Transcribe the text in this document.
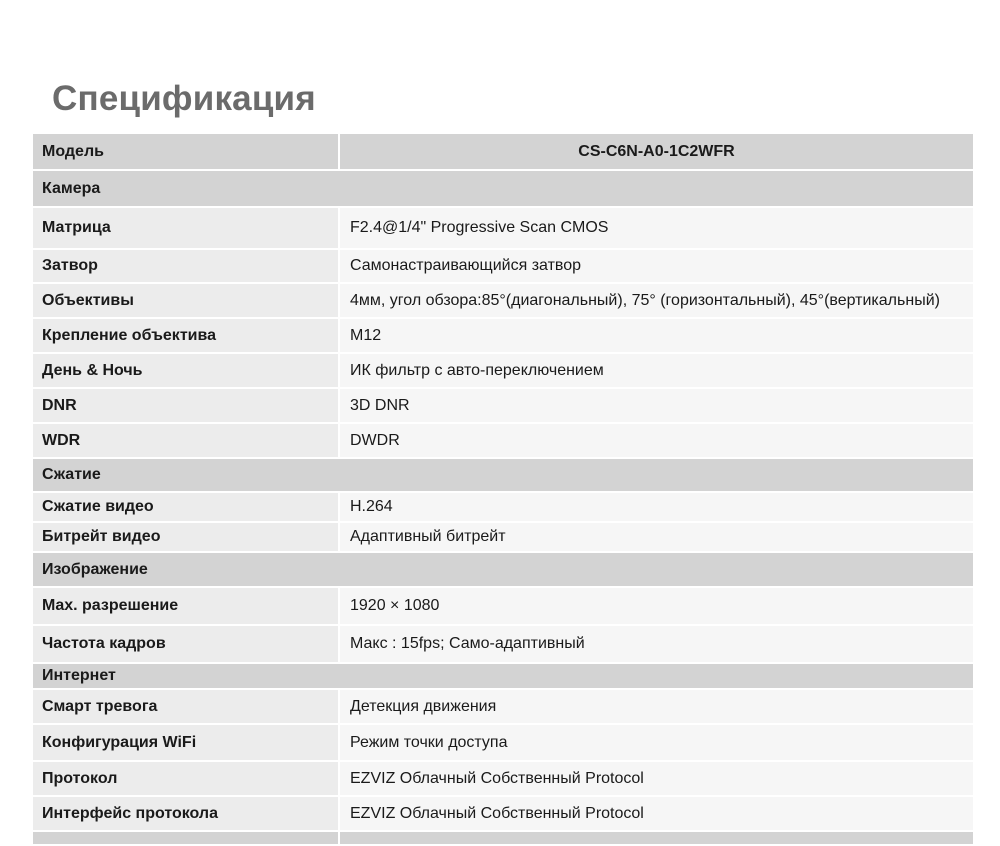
Спецификация
Модель	CS-C6N-A0-1C2WFR
Камера
Матрица	F2.4@1/4" Progressive Scan CMOS
Затвор	Самонастраивающийся затвор
Объективы	4мм, угол обзора:85°(диагональный), 75° (горизонтальный), 45°(вертикальный)
Крепление объектива	M12
День & Ночь	ИК фильтр с авто-переключением
DNR	3D DNR
WDR	DWDR
Сжатие
Сжатие видео	H.264
Битрейт видео	Адаптивный битрейт
Изображение
Max. разрешение	1920 × 1080
Частота кадров	Макс : 15fps; Само-адаптивный
Интернет
Смарт тревога	Детекция движения
Конфигурация WiFi	Режим точки доступа
Протокол	EZVIZ Облачный Собственный Protocol
Интерфейс протокола	EZVIZ Облачный Собственный Protocol
